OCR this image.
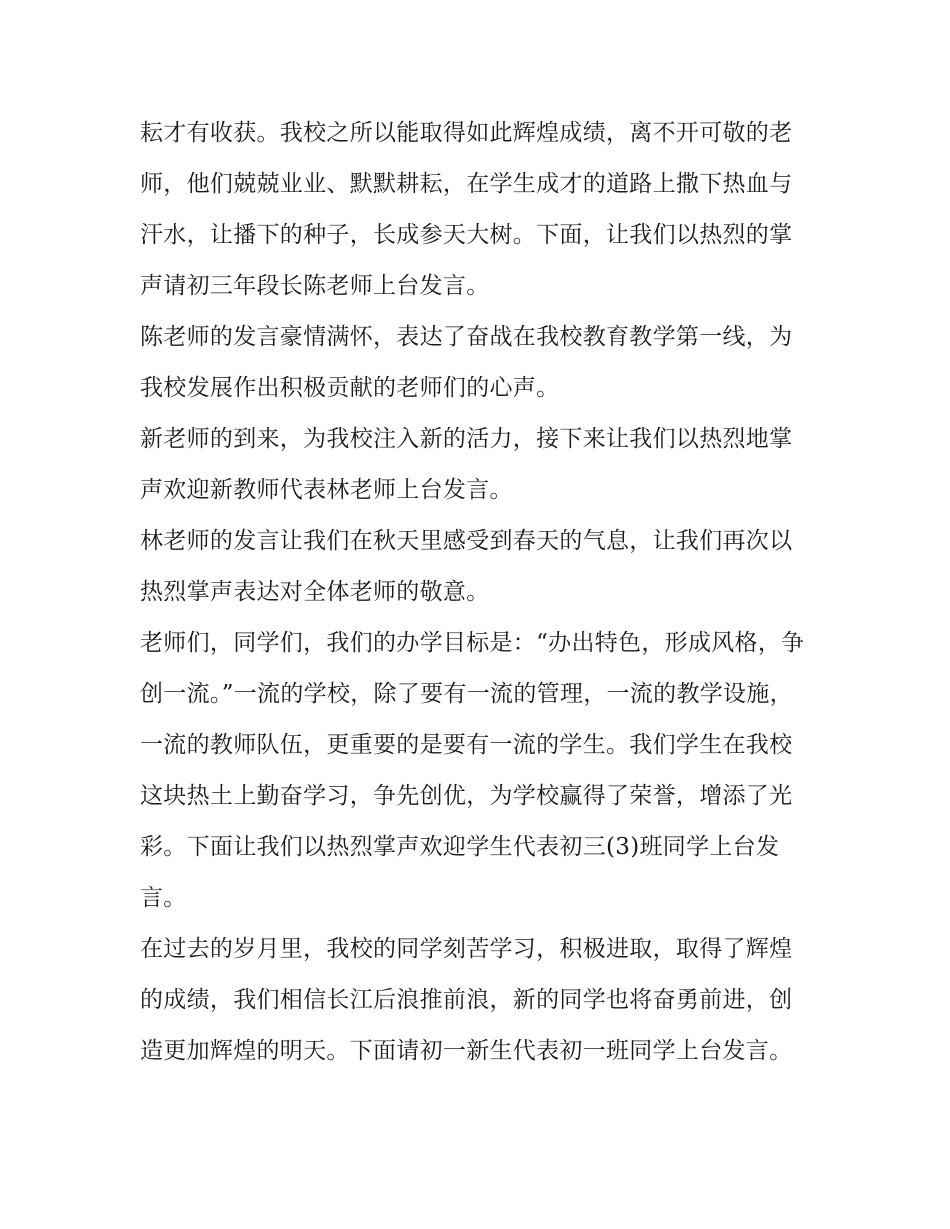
耘才有收获。我校之所以能取得如此辉煌成绩，离不开可敬的老师，他们兢兢业业、默默耕耘，在学生成才的道路上撒下热血与汗水，让播下的种子，长成参天大树。下面，让我们以热烈的掌声请初三年段长陈老师上台发言。

陈老师的发言豪情满怀，表达了奋战在我校教育教学第一线，为我校发展作出积极贡献的老师们的心声。

新老师的到来，为我校注入新的活力，接下来让我们以热烈地掌声欢迎新教师代表林老师上台发言。

林老师的发言让我们在秋天里感受到春天的气息，让我们再次以热烈掌声表达对全体老师的敬意。

老师们，同学们，我们的办学目标是：“办出特色，形成风格，争创一流。”一流的学校，除了要有一流的管理，一流的教学设施，一流的教师队伍，更重要的是要有一流的学生。我们学生在我校这块热土上勤奋学习，争先创优，为学校赢得了荣誉，增添了光彩。下面让我们以热烈掌声欢迎学生代表初三(3)班同学上台发言。

在过去的岁月里，我校的同学刻苦学习，积极进取，取得了辉煌的成绩，我们相信长江后浪推前浪，新的同学也将奋勇前进，创造更加辉煌的明天。下面请初一新生代表初一班同学上台发言。
